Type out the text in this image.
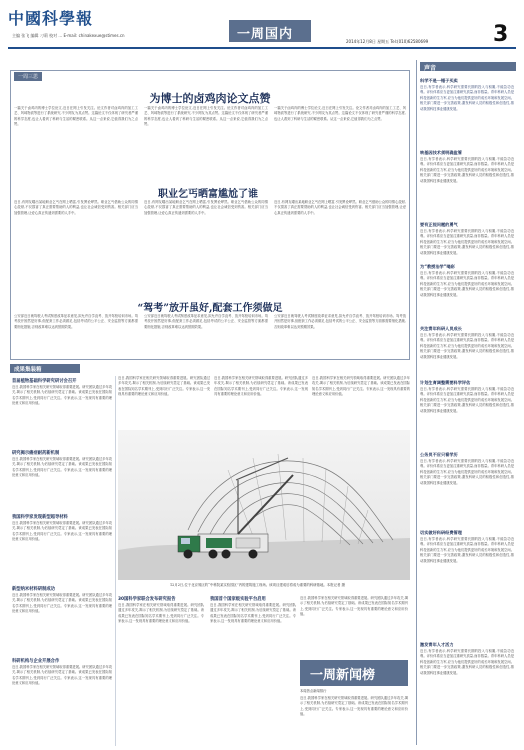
中國科學報
主编 张飞 编辑 刁莉 校对 ... E-mail: chinakexue@stimes.cn	一周国内	2014年12月8日 星期五 Tel:(010)62580699	3
一周三思
为博士的卤鸡肉论文点赞
一篇关于卤鸡肉的博士学位论文,近日在网上引发关注。论文作者对卤鸡肉的加工工艺、风味物质等进行了系统研究,不少网友为其点赞。这篇论文不仅体现了研究者严谨的科学态度,也让人看到了科研与生活的紧密联系。从这一点来说,它值得我们为之点赞。
一篇关于卤鸡肉的博士学位论文,近日在网上引发关注。论文作者对卤鸡肉的加工工艺、风味物质等进行了系统研究,不少网友为其点赞。这篇论文不仅体现了研究者严谨的科学态度,也让人看到了科研与生活的紧密联系。从这一点来说,它值得我们为之点赞。
一篇关于卤鸡肉的博士学位论文,近日在网上引发关注。论文作者对卤鸡肉的加工工艺、风味物质等进行了系统研究,不少网友为其点赞。这篇论文不仅体现了研究者严谨的科学态度,也让人看到了科研与生活的紧密联系。从这一点来说,它值得我们为之点赞。
职业乞丐晒富尴尬了谁
近日,有网友曝出某地职业乞丐在网上晒富,引发舆论哗然。职业乞丐借助公众的同情心敛财,不仅损害了真正需要帮助的人的利益,也让社会诚信受到伤害。相关部门应当加强管理,让爱心真正传递到需要的人手中。
近日,有网友曝出某地职业乞丐在网上晒富,引发舆论哗然。职业乞丐借助公众的同情心敛财,不仅损害了真正需要帮助的人的利益,也让社会诚信受到伤害。相关部门应当加强管理,让爱心真正传递到需要的人手中。
近日,有网友曝出某地职业乞丐在网上晒富,引发舆论哗然。职业乞丐借助公众的同情心敛财,不仅损害了真正需要帮助的人的利益,也让社会诚信受到伤害。相关部门应当加强管理,让爱心真正传递到需要的人手中。
“驾考”放开虽好,配套工作须做足
公安部近日就驾驶人考试制度改革征求意见,拟允许自学直考、放开驾校培训市场。驾考放开固然是好事,但配套工作必须做足,包括考试的公平公正、安全监管等方面都需要细化措施,否则改革难以达到预期效果。
公安部近日就驾驶人考试制度改革征求意见,拟允许自学直考、放开驾校培训市场。驾考放开固然是好事,但配套工作必须做足,包括考试的公平公正、安全监管等方面都需要细化措施,否则改革难以达到预期效果。
公安部近日就驾驶人考试制度改革征求意见,拟允许自学直考、放开驾校培训市场。驾考放开固然是好事,但配套工作必须做足,包括考试的公平公正、安全监管等方面都需要细化措施,否则改革难以达到预期效果。
声音
科学不是一锤子买卖
近日,有学者表示,科学研究需要长期的投入与积累,不能急功近利。评价体系应当更加注重研究质量,而非数量。青年科研人员是科技创新的生力军,应当为他们提供更好的成长环境和发展空间。相关部门要进一步完善政策,激发科研人员的积极性和创造性,推动我国科技事业健康发展。
转基因技术须明确监管
近日,有学者表示,科学研究需要长期的投入与积累,不能急功近利。评价体系应当更加注重研究质量,而非数量。青年科研人员是科技创新的生力军,应当为他们提供更好的成长环境和发展空间。相关部门要进一步完善政策,激发科研人员的积极性和创造性,推动我国科技事业健康发展。
要有正视问题的勇气
近日,有学者表示,科学研究需要长期的投入与积累,不能急功近利。评价体系应当更加注重研究质量,而非数量。青年科研人员是科技创新的生力军,应当为他们提供更好的成长环境和发展空间。相关部门要进一步完善政策,激发科研人员的积极性和创造性,推动我国科技事业健康发展。
为“教授治学”喝彩
近日,有学者表示,科学研究需要长期的投入与积累,不能急功近利。评价体系应当更加注重研究质量,而非数量。青年科研人员是科技创新的生力军,应当为他们提供更好的成长环境和发展空间。相关部门要进一步完善政策,激发科研人员的积极性和创造性,推动我国科技事业健康发展。
关注青年科研人员成长
近日,有学者表示,科学研究需要长期的投入与积累,不能急功近利。评价体系应当更加注重研究质量,而非数量。青年科研人员是科技创新的生力军,应当为他们提供更好的成长环境和发展空间。相关部门要进一步完善政策,激发科研人员的积极性和创造性,推动我国科技事业健康发展。
计划生育调整需要科学评估
近日,有学者表示,科学研究需要长期的投入与积累,不能急功近利。评价体系应当更加注重研究质量,而非数量。青年科研人员是科技创新的生力军,应当为他们提供更好的成长环境和发展空间。相关部门要进一步完善政策,激发科研人员的积极性和创造性,推动我国科技事业健康发展。
公务员不应只看学历
近日,有学者表示,科学研究需要长期的投入与积累,不能急功近利。评价体系应当更加注重研究质量,而非数量。青年科研人员是科技创新的生力军,应当为他们提供更好的成长环境和发展空间。相关部门要进一步完善政策,激发科研人员的积极性和创造性,推动我国科技事业健康发展。
切实做好科研经费管理
近日,有学者表示,科学研究需要长期的投入与积累,不能急功近利。评价体系应当更加注重研究质量,而非数量。青年科研人员是科技创新的生力军,应当为他们提供更好的成长环境和发展空间。相关部门要进一步完善政策,激发科研人员的积极性和创造性,推动我国科技事业健康发展。
激发青年人才活力
近日,有学者表示,科学研究需要长期的投入与积累,不能急功近利。评价体系应当更加注重研究质量,而非数量。青年科研人员是科技创新的生力军,应当为他们提供更好的成长环境和发展空间。相关部门要进一步完善政策,激发科研人员的积极性和创造性,推动我国科技事业健康发展。
成果集装箱
首届植物基础科学研究研讨会召开
近日,我国科学家在相关研究领域取得重要进展。研究团队通过多年攻关,揭示了相关机制,为后续研究奠定了基础。该成果已发表在国际知名学术期刊上,受到同行广泛关注。专家表示,这一发现具有重要的理论意义和应用价值。
研究揭示癌症耐药新机制
近日,我国科学家在相关研究领域取得重要进展。研究团队通过多年攻关,揭示了相关机制,为后续研究奠定了基础。该成果已发表在国际知名学术期刊上,受到同行广泛关注。专家表示,这一发现具有重要的理论意义和应用价值。
我国科学家发现新型超导材料
近日,我国科学家在相关研究领域取得重要进展。研究团队通过多年攻关,揭示了相关机制,为后续研究奠定了基础。该成果已发表在国际知名学术期刊上,受到同行广泛关注。专家表示,这一发现具有重要的理论意义和应用价值。
新型纳米材料研制成功
近日,我国科学家在相关研究领域取得重要进展。研究团队通过多年攻关,揭示了相关机制,为后续研究奠定了基础。该成果已发表在国际知名学术期刊上,受到同行广泛关注。专家表示,这一发现具有重要的理论意义和应用价值。
科研机构与企业开展合作
近日,我国科学家在相关研究领域取得重要进展。研究团队通过多年攻关,揭示了相关机制,为后续研究奠定了基础。该成果已发表在国际知名学术期刊上,受到同行广泛关注。专家表示,这一发现具有重要的理论意义和应用价值。
近日,我国科学家在相关研究领域取得重要进展。研究团队通过多年攻关,揭示了相关机制,为后续研究奠定了基础。该成果已发表在国际知名学术期刊上,受到同行广泛关注。专家表示,这一发现具有重要的理论意义和应用价值。
近日,我国科学家在相关研究领域取得重要进展。研究团队通过多年攻关,揭示了相关机制,为后续研究奠定了基础。该成果已发表在国际知名学术期刊上,受到同行广泛关注。专家表示,这一发现具有重要的理论意义和应用价值。
近日,我国科学家在相关研究领域取得重要进展。研究团队通过多年攻关,揭示了相关机制,为后续研究奠定了基础。该成果已发表在国际知名学术期刊上,受到同行广泛关注。专家表示,这一发现具有重要的理论意义和应用价值。
12月2日,位于北京郊区的“中科院某实验园区”内的建筑施工现场。该项目建成后将成为重要的科研基地。本报记者 摄
30国科学家联合发布研究报告
近日,我国科学家在相关研究领域取得重要进展。研究团队通过多年攻关,揭示了相关机制,为后续研究奠定了基础。该成果已发表在国际知名学术期刊上,受到同行广泛关注。专家表示,这一发现具有重要的理论意义和应用价值。
我国首个国家级实验平台启用
近日,我国科学家在相关研究领域取得重要进展。研究团队通过多年攻关,揭示了相关机制,为后续研究奠定了基础。该成果已发表在国际知名学术期刊上,受到同行广泛关注。专家表示,这一发现具有重要的理论意义和应用价值。
近日,我国科学家在相关研究领域取得重要进展。研究团队通过多年攻关,揭示了相关机制,为后续研究奠定了基础。该成果已发表在国际知名学术期刊上,受到同行广泛关注。专家表示,这一发现具有重要的理论意义和应用价值。
一周新闻榜
本周热点新闻排行
近日,我国科学家在相关研究领域取得重要进展。研究团队通过多年攻关,揭示了相关机制,为后续研究奠定了基础。该成果已发表在国际知名学术期刊上,受到同行广泛关注。专家表示,这一发现具有重要的理论意义和应用价值。
